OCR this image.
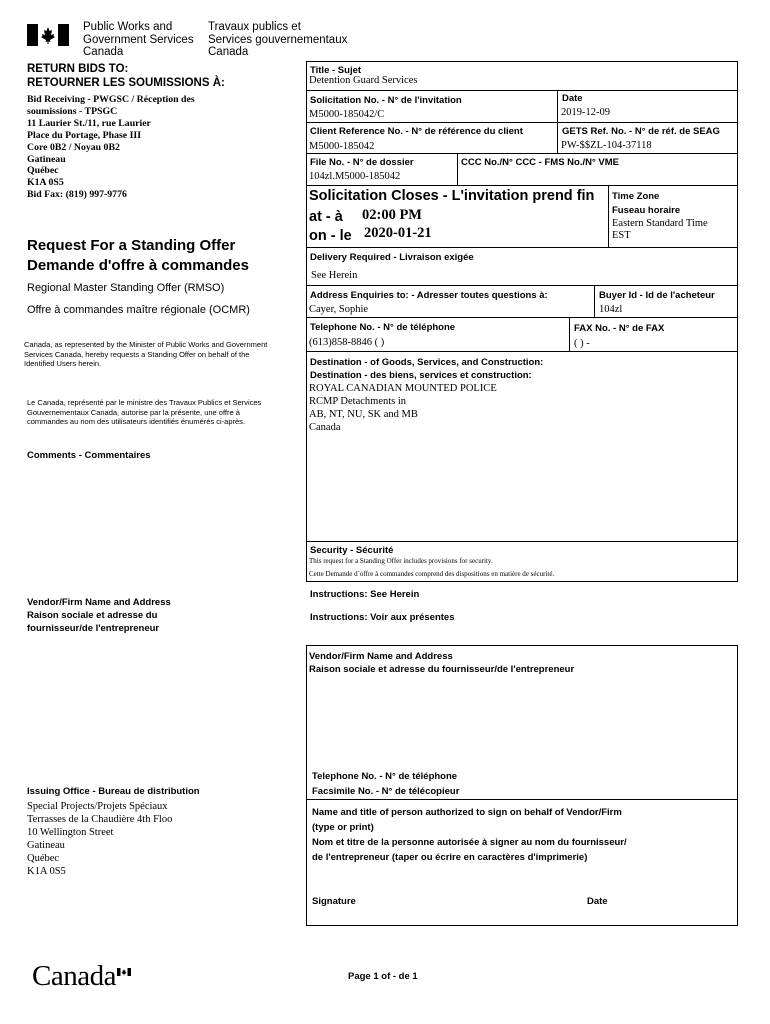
Public Works and
Government Services
Canada
Travaux publics et
Services gouvernementaux
Canada
RETURN BIDS TO:
RETOURNER LES SOUMISSIONS À:
Bid Receiving - PWGSC / Réception des
soumissions - TPSGC
11 Laurier St./11, rue Laurier
Place du Portage, Phase III
Core 0B2 / Noyau 0B2
Gatineau
Québec
K1A 0S5
Bid Fax: (819) 997-9776
Request For a Standing Offer
Demande d'offre à commandes
Regional Master Standing Offer (RMSO)
Offre à commandes maître régionale (OCMR)
Canada, as represented by the Minister of Public Works and Government Services Canada, hereby requests a Standing Offer on behalf of the Identified Users herein.
Le Canada, représenté par le ministre des Travaux Publics et Services Gouvernementaux Canada, autorise par la présente, une offre à commandes au nom des utilisateurs identifiés énumérés ci-après.
Comments - Commentaires
Vendor/Firm Name and Address
Raison sociale et adresse du
fournisseur/de l'entrepreneur
Issuing Office - Bureau de distribution
Special Projects/Projets Spéciaux
Terrasses de la Chaudière 4th Floo
10 Wellington Street
Gatineau
Québec
K1A 0S5
Title - Sujet
Detention Guard Services
Solicitation No. - N° de l'invitation
M5000-185042/C
Date
2019-12-09
Client Reference No. - N° de référence du client
M5000-185042
GETS Ref. No. - N° de réf. de SEAG
PW-$$ZL-104-37118
File No. - N° de dossier
104zl.M5000-185042
CCC No./N° CCC - FMS No./N° VME
Solicitation Closes - L'invitation prend fin
at - à 02:00 PM
on - le 2020-01-21
Time Zone
Fuseau horaire
Eastern Standard Time
EST
Delivery Required - Livraison exigée
See Herein
Address Enquiries to: - Adresser toutes questions à:
Cayer, Sophie
Buyer Id - Id de l'acheteur
104zl
Telephone No. - N° de téléphone
(613)858-8846 ( )
FAX No. - N° de FAX
( ) -
Destination - of Goods, Services, and Construction:
Destination - des biens, services et construction:
ROYAL CANADIAN MOUNTED POLICE
RCMP Detachments in
AB, NT, NU, SK and MB
Canada
Security - Sécurité
This request for a Standing Offer includes provisions for security.
Cette Demande d´offre à commandes comprend des dispositions en matière de sécurité.
Instructions: See Herein
Instructions: Voir aux présentes
Vendor/Firm Name and Address
Raison sociale et adresse du fournisseur/de l'entrepreneur
Telephone No. - N° de téléphone
Facsimile No. - N° de télécopieur
Name and title of person authorized to sign on behalf of Vendor/Firm
(type or print)
Nom et titre de la personne autorisée à signer au nom du fournisseur/
de l'entrepreneur (taper ou écrire en caractères d'imprimerie)
Signature	Date
Canada	Page 1 of - de 1
